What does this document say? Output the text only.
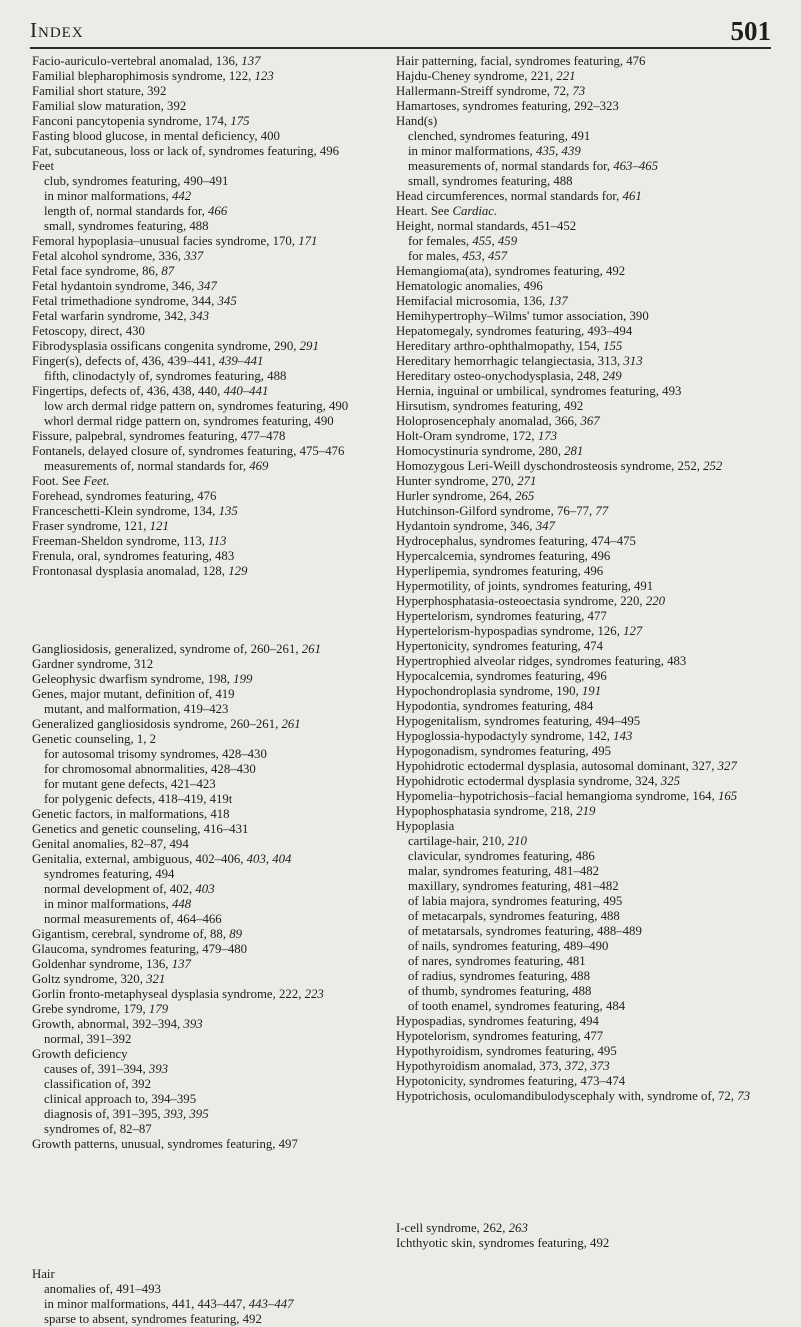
Index	501
Facio-auriculo-vertebral anomalad, 136, 137
Familial blepharophimosis syndrome, 122, 123
Familial short stature, 392
Familial slow maturation, 392
Fanconi pancytopenia syndrome, 174, 175
Fasting blood glucose, in mental deficiency, 400
Fat, subcutaneous, loss or lack of, syndromes featuring, 496
Feet
club, syndromes featuring, 490–491
in minor malformations, 442
length of, normal standards for, 466
small, syndromes featuring, 488
Femoral hypoplasia–unusual facies syndrome, 170, 171
Fetal alcohol syndrome, 336, 337
Fetal face syndrome, 86, 87
Fetal hydantoin syndrome, 346, 347
Fetal trimethadione syndrome, 344, 345
Fetal warfarin syndrome, 342, 343
Fetoscopy, direct, 430
Fibrodysplasia ossificans congenita syndrome, 290, 291
Finger(s), defects of, 436, 439–441, 439–441
fifth, clinodactyly of, syndromes featuring, 488
Fingertips, defects of, 436, 438, 440, 440–441
low arch dermal ridge pattern on, syndromes featuring, 490
whorl dermal ridge pattern on, syndromes featuring, 490
Fissure, palpebral, syndromes featuring, 477–478
Fontanels, delayed closure of, syndromes featuring, 475–476
measurements of, normal standards for, 469
Foot. See Feet.
Forehead, syndromes featuring, 476
Franceschetti-Klein syndrome, 134, 135
Fraser syndrome, 121, 121
Freeman-Sheldon syndrome, 113, 113
Frenula, oral, syndromes featuring, 483
Frontonasal dysplasia anomalad, 128, 129
Gangliosidosis, generalized, syndrome of, 260–261, 261
Gardner syndrome, 312
Geleophysic dwarfism syndrome, 198, 199
Genes, major mutant, definition of, 419
mutant, and malformation, 419–423
Generalized gangliosidosis syndrome, 260–261, 261
Genetic counseling, 1, 2
for autosomal trisomy syndromes, 428–430
for chromosomal abnormalities, 428–430
for mutant gene defects, 421–423
for polygenic defects, 418–419, 419t
Genetic factors, in malformations, 418
Genetics and genetic counseling, 416–431
Genital anomalies, 82–87, 494
Genitalia, external, ambiguous, 402–406, 403, 404
syndromes featuring, 494
normal development of, 402, 403
in minor malformations, 448
normal measurements of, 464–466
Gigantism, cerebral, syndrome of, 88, 89
Glaucoma, syndromes featuring, 479–480
Goldenhar syndrome, 136, 137
Goltz syndrome, 320, 321
Gorlin fronto-metaphyseal dysplasia syndrome, 222, 223
Grebe syndrome, 179, 179
Growth, abnormal, 392–394, 393
normal, 391–392
Growth deficiency
causes of, 391–394, 393
classification of, 392
clinical approach to, 394–395
diagnosis of, 391–395, 393, 395
syndromes of, 82–87
Growth patterns, unusual, syndromes featuring, 497
Hair
anomalies of, 491–493
in minor malformations, 441, 443–447, 443–447
sparse to absent, syndromes featuring, 492
Hair patterning, facial, syndromes featuring, 476
Hajdu-Cheney syndrome, 221, 221
Hallermann-Streiff syndrome, 72, 73
Hamartoses, syndromes featuring, 292–323
Hand(s)
clenched, syndromes featuring, 491
in minor malformations, 435, 439
measurements of, normal standards for, 463–465
small, syndromes featuring, 488
Head circumferences, normal standards for, 461
Heart. See Cardiac.
Height, normal standards, 451–452
for females, 455, 459
for males, 453, 457
Hemangioma(ata), syndromes featuring, 492
Hematologic anomalies, 496
Hemifacial microsomia, 136, 137
Hemihypertrophy–Wilms' tumor association, 390
Hepatomegaly, syndromes featuring, 493–494
Hereditary arthro-ophthalmopathy, 154, 155
Hereditary hemorrhagic telangiectasia, 313, 313
Hereditary osteo-onychodysplasia, 248, 249
Hernia, inguinal or umbilical, syndromes featuring, 493
Hirsutism, syndromes featuring, 492
Holoprosencephaly anomalad, 366, 367
Holt-Oram syndrome, 172, 173
Homocystinuria syndrome, 280, 281
Homozygous Leri-Weill dyschondrosteosis syndrome, 252, 252
Hunter syndrome, 270, 271
Hurler syndrome, 264, 265
Hutchinson-Gilford syndrome, 76–77, 77
Hydantoin syndrome, 346, 347
Hydrocephalus, syndromes featuring, 474–475
Hypercalcemia, syndromes featuring, 496
Hyperlipemia, syndromes featuring, 496
Hypermotility, of joints, syndromes featuring, 491
Hyperphosphatasia-osteoectasia syndrome, 220, 220
Hypertelorism, syndromes featuring, 477
Hypertelorism-hypospadias syndrome, 126, 127
Hypertonicity, syndromes featuring, 474
Hypertrophied alveolar ridges, syndromes featuring, 483
Hypocalcemia, syndromes featuring, 496
Hypochondroplasia syndrome, 190, 191
Hypodontia, syndromes featuring, 484
Hypogenitalism, syndromes featuring, 494–495
Hypoglossia-hypodactyly syndrome, 142, 143
Hypogonadism, syndromes featuring, 495
Hypohidrotic ectodermal dysplasia, autosomal dominant, 327, 327
Hypohidrotic ectodermal dysplasia syndrome, 324, 325
Hypomelia–hypotrichosis–facial hemangioma syndrome, 164, 165
Hypophosphatasia syndrome, 218, 219
Hypoplasia
cartilage-hair, 210, 210
clavicular, syndromes featuring, 486
malar, syndromes featuring, 481–482
maxillary, syndromes featuring, 481–482
of labia majora, syndromes featuring, 495
of metacarpals, syndromes featuring, 488
of metatarsals, syndromes featuring, 488–489
of nails, syndromes featuring, 489–490
of nares, syndromes featuring, 481
of radius, syndromes featuring, 488
of thumb, syndromes featuring, 488
of tooth enamel, syndromes featuring, 484
Hypospadias, syndromes featuring, 494
Hypotelorism, syndromes featuring, 477
Hypothyroidism, syndromes featuring, 495
Hypothyroidism anomalad, 373, 372, 373
Hypotonicity, syndromes featuring, 473–474
Hypotrichosis, oculomandibulodyscephaly with, syndrome of, 72, 73
I-cell syndrome, 262, 263
Ichthyotic skin, syndromes featuring, 492
